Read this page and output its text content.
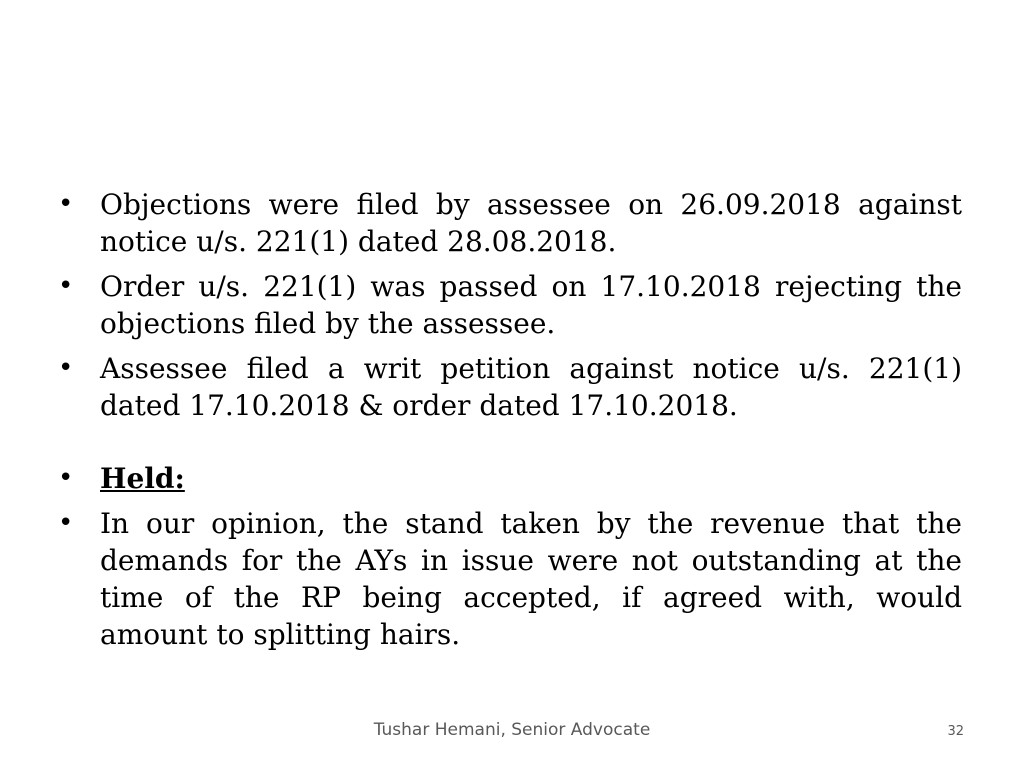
• Objections were filed by assessee on 26.09.2018 against notice u/s. 221(1) dated 28.08.2018.
• Order u/s. 221(1) was passed on 17.10.2018 rejecting the objections filed by the assessee.
• Assessee filed a writ petition against notice u/s. 221(1) dated 17.10.2018 & order dated 17.10.2018.
• Held:
• In our opinion, the stand taken by the revenue that the demands for the AYs in issue were not outstanding at the time of the RP being accepted, if agreed with, would amount to splitting hairs.
Tushar Hemani, Senior Advocate	32
